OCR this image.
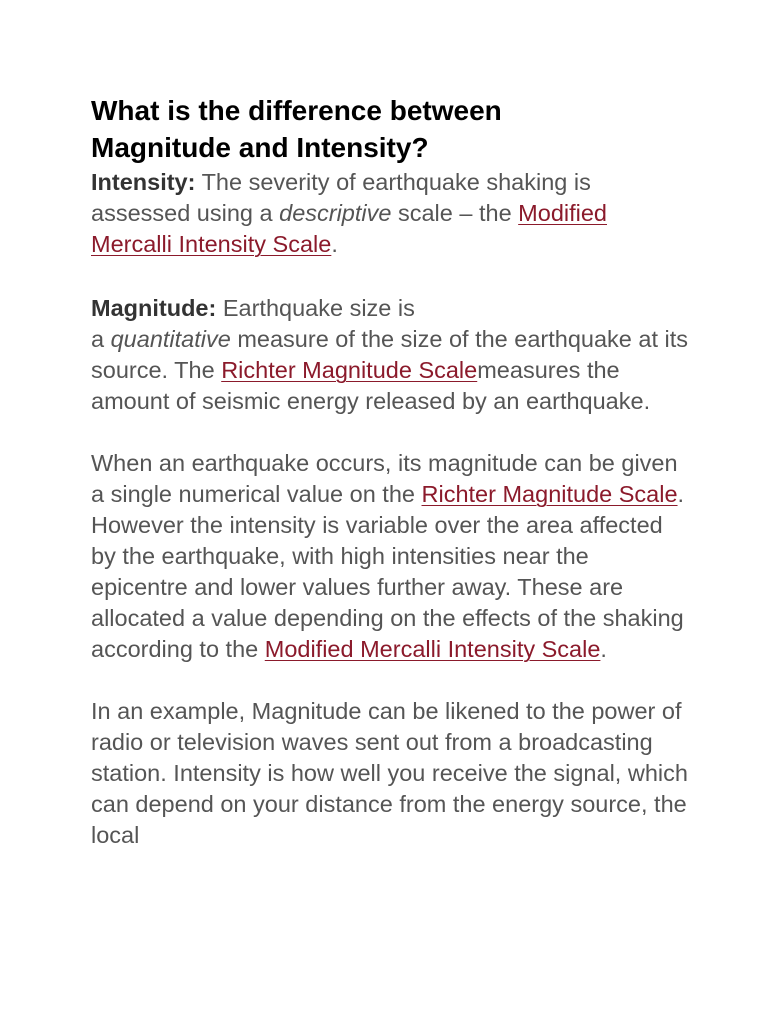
What is the difference between
Magnitude and Intensity?

Intensity: The severity of earthquake shaking is assessed using a descriptive scale – the Modified Mercalli Intensity Scale.

Magnitude: Earthquake size is
a quantitative measure of the size of the earthquake at its source. The Richter Magnitude Scalemeasures the amount of seismic energy released by an earthquake.

When an earthquake occurs, its magnitude can be given a single numerical value on the Richter Magnitude Scale. However the intensity is variable over the area affected by the earthquake, with high intensities near the epicentre and lower values further away. These are allocated a value depending on the effects of the shaking according to the Modified Mercalli Intensity Scale.

In an example, Magnitude can be likened to the power of radio or television waves sent out from a broadcasting station. Intensity is how well you receive the signal, which can depend on your distance from the energy source, the local
